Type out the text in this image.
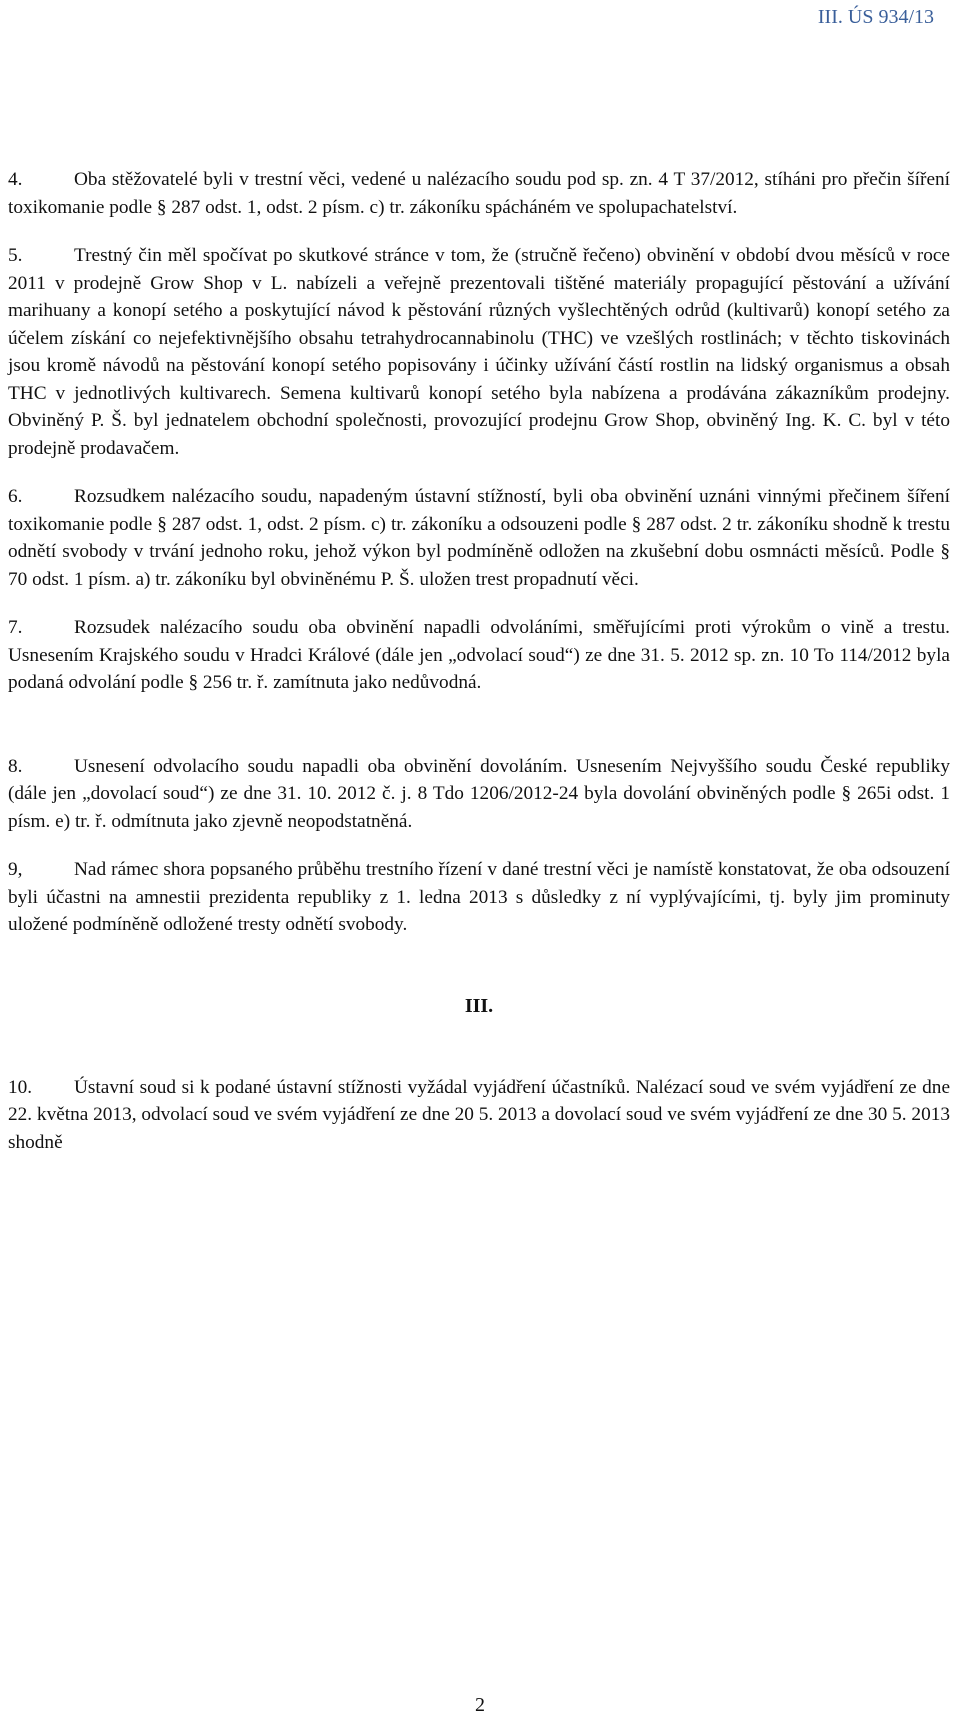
III. ÚS 934/13

4.	Oba stěžovatelé byli v trestní věci, vedené u nalézacího soudu pod sp. zn. 4 T 37/2012, stíháni pro přečin šíření toxikomanie podle § 287 odst. 1, odst. 2 písm. c) tr. zákoníku spácháném ve spolupachatelství.

5.	Trestný čin měl spočívat po skutkové stránce v tom, že (stručně řečeno) obvinění v období dvou měsíců v roce 2011 v prodejně Grow Shop v L. nabízeli a veřejně prezentovali tištěné materiály propagující pěstování a užívání marihuany a konopí setého a poskytující návod k pěstování různých vyšlechtěných odrůd (kultivarů) konopí setého za účelem získání co nejefektivnějšího obsahu tetrahydrocannabinolu (THC) ve vzešlých rostlinách; v těchto tiskovinách jsou kromě návodů na pěstování konopí setého popisovány i účinky užívání částí rostlin na lidský organismus a obsah THC v jednotlivých kultivarech. Semena kultivarů konopí setého byla nabízena a prodávána zákazníkům prodejny. Obviněný P. Š. byl jednatelem obchodní společnosti, provozující prodejnu Grow Shop, obviněný Ing. K. C. byl v této prodejně prodavačem.

6.	Rozsudkem nalézacího soudu, napadeným ústavní stížností, byli oba obvinění uznáni vinnými přečinem šíření toxikomanie podle § 287 odst. 1, odst. 2 písm. c) tr. zákoníku a odsouzeni podle § 287 odst. 2 tr. zákoníku shodně k trestu odnětí svobody v trvání jednoho roku, jehož výkon byl podmíněně odložen na zkušební dobu osmnácti měsíců. Podle § 70 odst. 1 písm. a) tr. zákoníku byl obviněnému P. Š. uložen trest propadnutí věci.

7.	Rozsudek nalézacího soudu oba obvinění napadli odvoláními, směřujícími proti výrokům o vině a trestu. Usnesením Krajského soudu v Hradci Králové (dále jen „odvolací soud“) ze dne 31. 5. 2012 sp. zn. 10 To 114/2012 byla podaná odvolání podle § 256 tr. ř. zamítnuta jako nedůvodná.

8.	Usnesení odvolacího soudu napadli oba obvinění dovoláním. Usnesením Nejvyššího soudu České republiky (dále jen „dovolací soud“) ze dne 31. 10. 2012 č. j. 8 Tdo 1206/2012-24 byla dovolání obviněných podle § 265i odst. 1 písm. e) tr. ř. odmítnuta jako zjevně neopodstatněná.

9,	Nad rámec shora popsaného průběhu trestního řízení v dané trestní věci je namístě konstatovat, že oba odsouzení byli účastni na amnestii prezidenta republiky z 1. ledna 2013 s důsledky z ní vyplývajícími, tj. byly jim prominuty uložené podmíněně odložené tresty odnětí svobody.

III.

10. Ústavní soud si k podané ústavní stížnosti vyžádal vyjádření účastníků. Nalézací soud ve svém vyjádření ze dne 22. května 2013, odvolací soud ve svém vyjádření ze dne 20 5. 2013 a dovolací soud ve svém vyjádření ze dne 30 5. 2013 shodně

2
